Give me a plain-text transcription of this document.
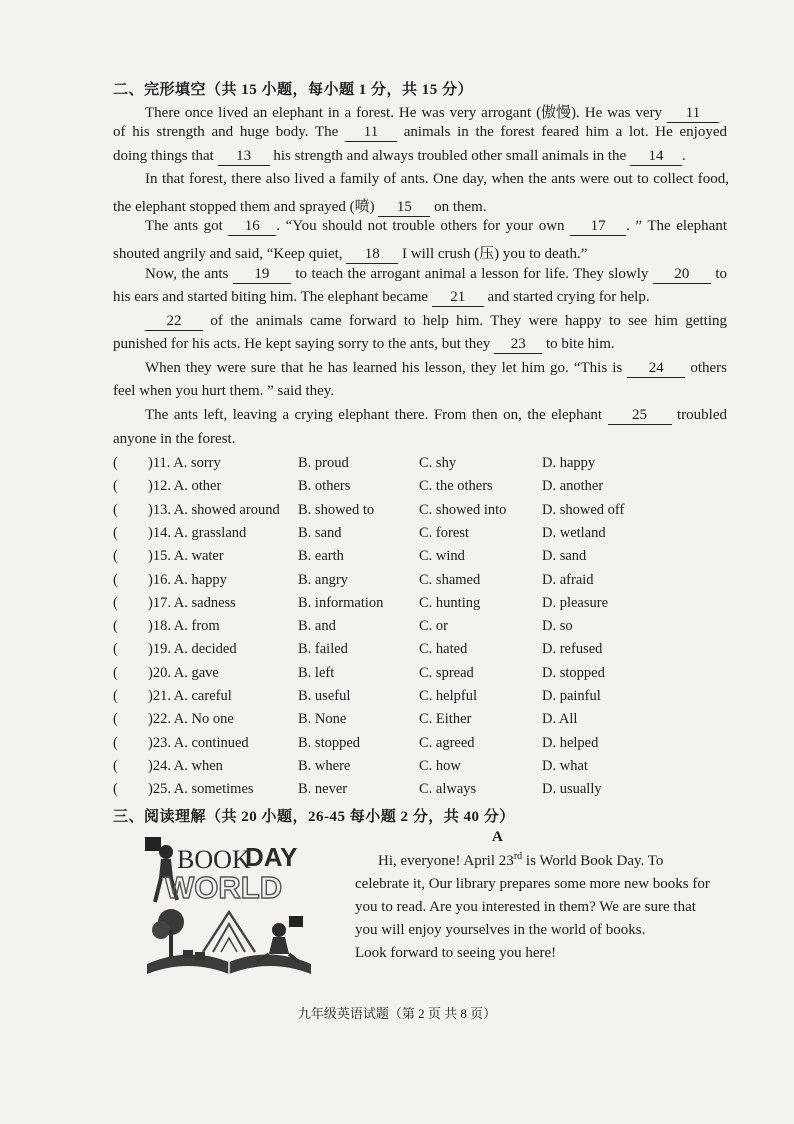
二、完形填空（共 15 小题，每小题 1 分，共 15 分）
There once lived an elephant in a forest. He was very arrogant (傲慢). He was very 11
of his strength and huge body. The 11 animals in the forest feared him a lot. He enjoyed
doing things that 13 his strength and always troubled other small animals in the 14 .
In that forest, there also lived a family of ants. One day, when the ants were out to collect food,
the elephant stopped them and sprayed (喷) 15 on them.
The ants got 16 . “You should not trouble others for your own 17 . ” The elephant
shouted angrily and said, “Keep quiet, 18 I will crush (压) you to death.”
Now, the ants 19 to teach the arrogant animal a lesson for life. They slowly 20 to
his ears and started biting him. The elephant became 21 and started crying for help.
22 of the animals came forward to help him. They were happy to see him getting
punished for his acts. He kept saying sorry to the ants, but they 23 to bite him.
When they were sure that he has learned his lesson, they let him go. “This is 24 others
feel when you hurt them. ” said they.
The ants left, leaving a crying elephant there. From then on, the elephant 25 troubled
anyone in the forest.
( )11. A. sorry	B. proud	C. shy	D. happy
( )12. A. other	B. others	C. the others	D. another
( )13. A. showed around B. showed to	C. showed into D. showed off
( )14. A. grassland	B. sand	C. forest	D. wetland
( )15. A. water	B. earth	C. wind	D. sand
( )16. A. happy	B. angry	C. shamed	D. afraid
( )17. A. sadness	B. information C. hunting	D. pleasure
( )18. A. from	B. and	C. or	D. so
( )19. A. decided	B. failed	C. hated	D. refused
( )20. A. gave	B. left	C. spread	D. stopped
( )21. A. careful	B. useful	C. helpful	D. painful
( )22. A. No one	B. None	C. Either	D. All
( )23. A. continued	B. stopped	C. agreed	D. helped
( )24. A. when	B. where	C. how	D. what
( )25. A. sometimes	B. never	C. always	D. usually
三、阅读理解（共 20 小题，26-45 每小题 2 分，共 40 分）
A
BOOK
DAY
WORLD
Hi, everyone! April 23rd is World Book Day. To
celebrate it, Our library prepares some more new books for
you to read. Are you interested in them? We are sure that
you will enjoy yourselves in the world of books.
Look forward to seeing you here!
九年级英语试题（第 2 页 共 8 页）
